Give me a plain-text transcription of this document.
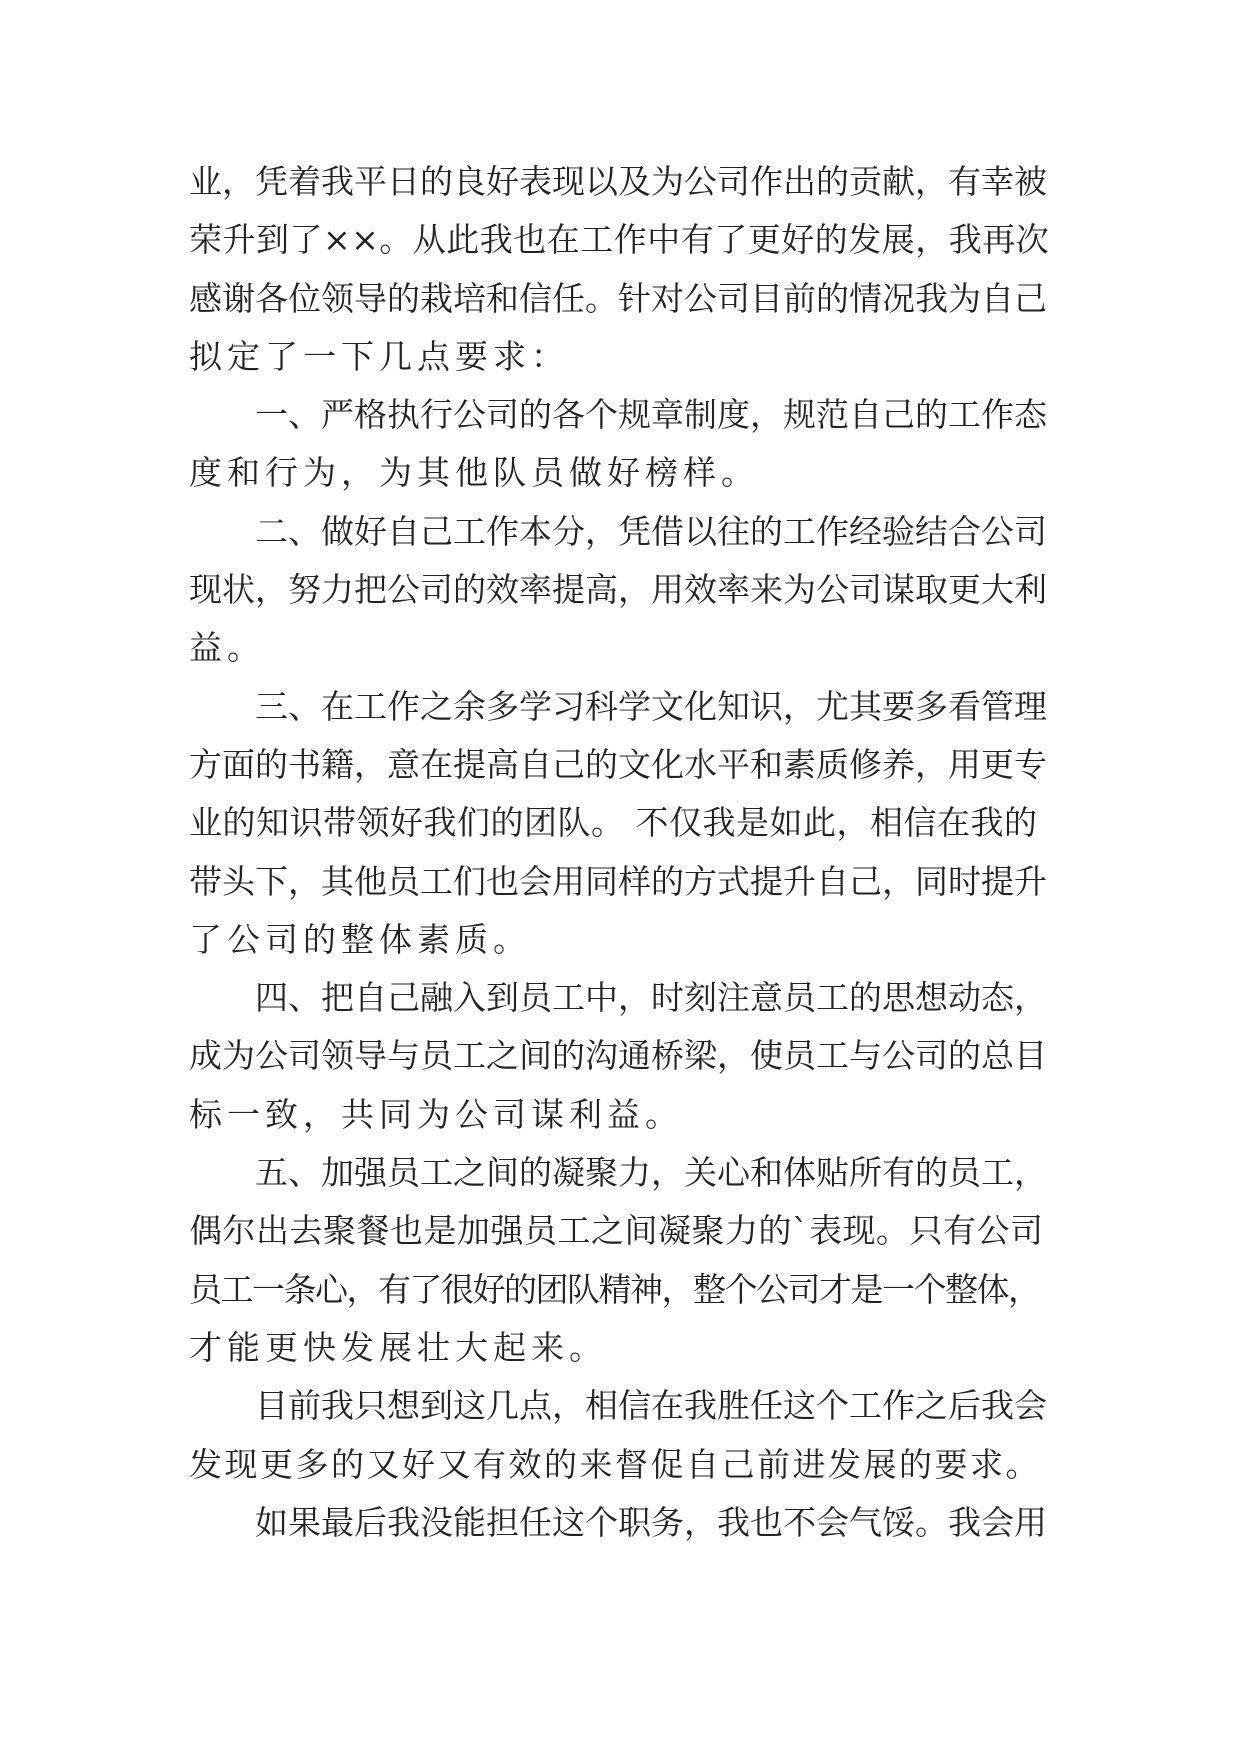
业，凭着我平日的良好表现以及为公司作出的贡献，有幸被
荣升到了××。从此我也在工作中有了更好的发展，我再次
感谢各位领导的栽培和信任。针对公司目前的情况我为自己
拟定了一下几点要求：
一、严格执行公司的各个规章制度，规范自己的工作态
度和行为，为其他队员做好榜样。
二、做好自己工作本分，凭借以往的工作经验结合公司
现状，努力把公司的效率提高，用效率来为公司谋取更大利
益。
三、在工作之余多学习科学文化知识，尤其要多看管理
方面的书籍，意在提高自己的文化水平和素质修养，用更专
业的知识带领好我们的团队。 不仅我是如此，相信在我的
带头下，其他员工们也会用同样的方式提升自己，同时提升
了公司的整体素质。
四、把自己融入到员工中，时刻注意员工的思想动态，
成为公司领导与员工之间的沟通桥梁，使员工与公司的总目
标一致，共同为公司谋利益。
五、加强员工之间的凝聚力，关心和体贴所有的员工，
偶尔出去聚餐也是加强员工之间凝聚力的`表现。只有公司
员工一条心，有了很好的团队精神，整个公司才是一个整体，
才能更快发展壮大起来。
目前我只想到这几点，相信在我胜任这个工作之后我会
发现更多的又好又有效的来督促自己前进发展的要求。
如果最后我没能担任这个职务，我也不会气馁。我会用
